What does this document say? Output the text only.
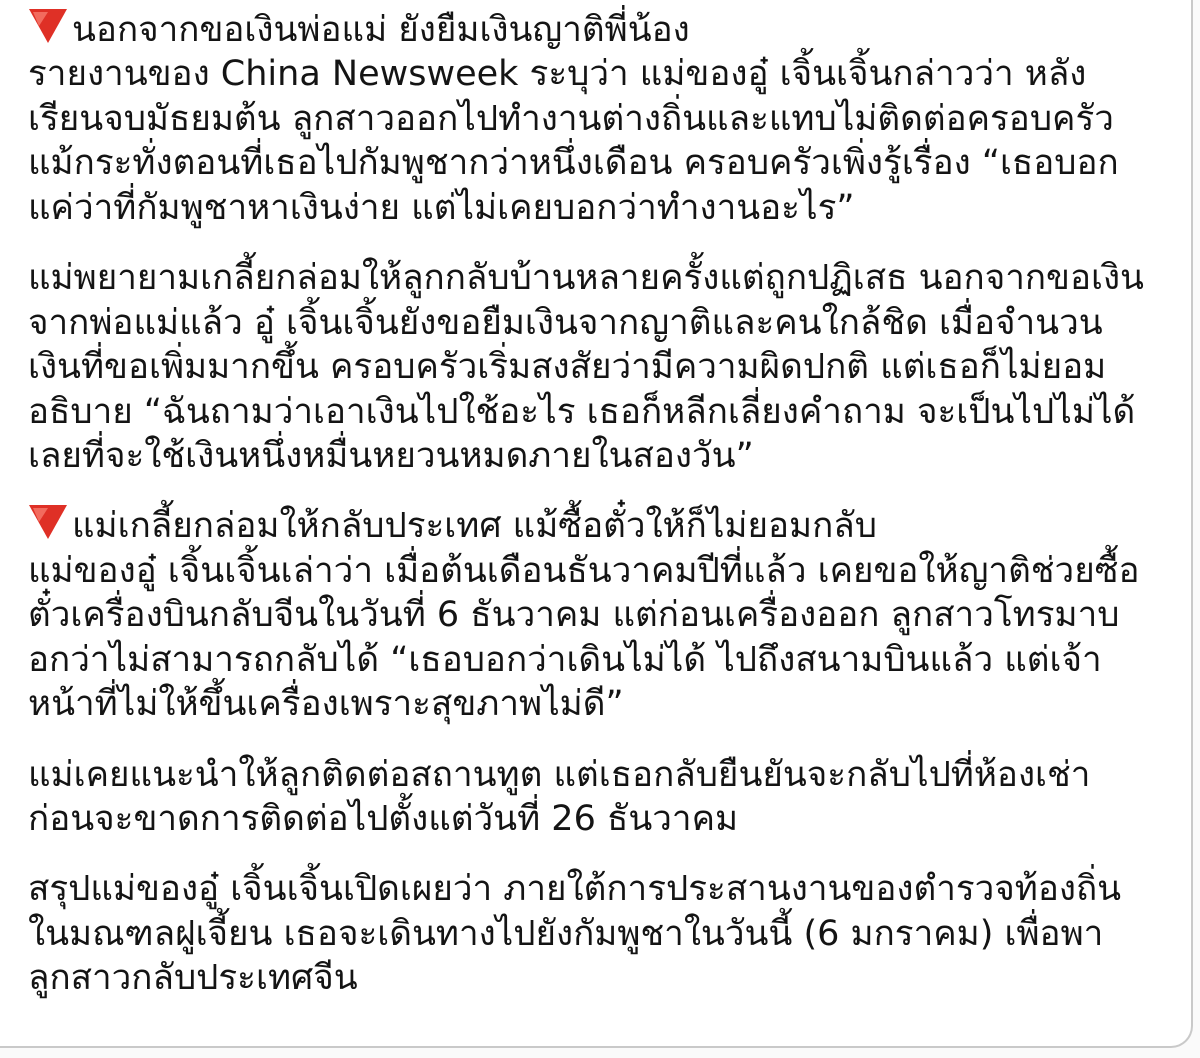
นอกจากขอเงินพ่อแม่ ยังยืมเงินญาติพี่น้อง

รายงานของ China Newsweek ระบุว่า แม่ของอู๋ เจิ้นเจิ้นกล่าวว่า หลังเรียนจบมัธยมต้น ลูกสาวออกไปทำงานต่างถิ่นและแทบไม่ติดต่อครอบครัว แม้กระทั่งตอนที่เธอไปกัมพูชากว่าหนึ่งเดือน ครอบครัวเพิ่งรู้เรื่อง “เธอบอกแค่ว่าที่กัมพูชาหาเงินง่าย แต่ไม่เคยบอกว่าทำงานอะไร”

แม่พยายามเกลี้ยกล่อมให้ลูกกลับบ้านหลายครั้งแต่ถูกปฏิเสธ นอกจากขอเงินจากพ่อแม่แล้ว อู๋ เจิ้นเจิ้นยังขอยืมเงินจากญาติและคนใกล้ชิด เมื่อจำนวนเงินที่ขอเพิ่มมากขึ้น ครอบครัวเริ่มสงสัยว่ามีความผิดปกติ แต่เธอก็ไม่ยอมอธิบาย “ฉันถามว่าเอาเงินไปใช้อะไร เธอก็หลีกเลี่ยงคำถาม จะเป็นไปไม่ได้เลยที่จะใช้เงินหนึ่งหมื่นหยวนหมดภายในสองวัน”

แม่เกลี้ยกล่อมให้กลับประเทศ แม้ซื้อตั๋วให้ก็ไม่ยอมกลับ

แม่ของอู๋ เจิ้นเจิ้นเล่าว่า เมื่อต้นเดือนธันวาคมปีที่แล้ว เคยขอให้ญาติช่วยซื้อตั๋วเครื่องบินกลับจีนในวันที่ 6 ธันวาคม แต่ก่อนเครื่องออก ลูกสาวโทรมาบอกว่าไม่สามารถกลับได้ “เธอบอกว่าเดินไม่ได้ ไปถึงสนามบินแล้ว แต่เจ้าหน้าที่ไม่ให้ขึ้นเครื่องเพราะสุขภาพไม่ดี”

แม่เคยแนะนำให้ลูกติดต่อสถานทูต แต่เธอกลับยืนยันจะกลับไปที่ห้องเช่า ก่อนจะขาดการติดต่อไปตั้งแต่วันที่ 26 ธันวาคม

สรุปแม่ของอู๋ เจิ้นเจิ้นเปิดเผยว่า ภายใต้การประสานงานของตำรวจท้องถิ่นในมณฑลฝูเจี้ยน เธอจะเดินทางไปยังกัมพูชาในวันนี้ (6 มกราคม) เพื่อพาลูกสาวกลับประเทศจีน
